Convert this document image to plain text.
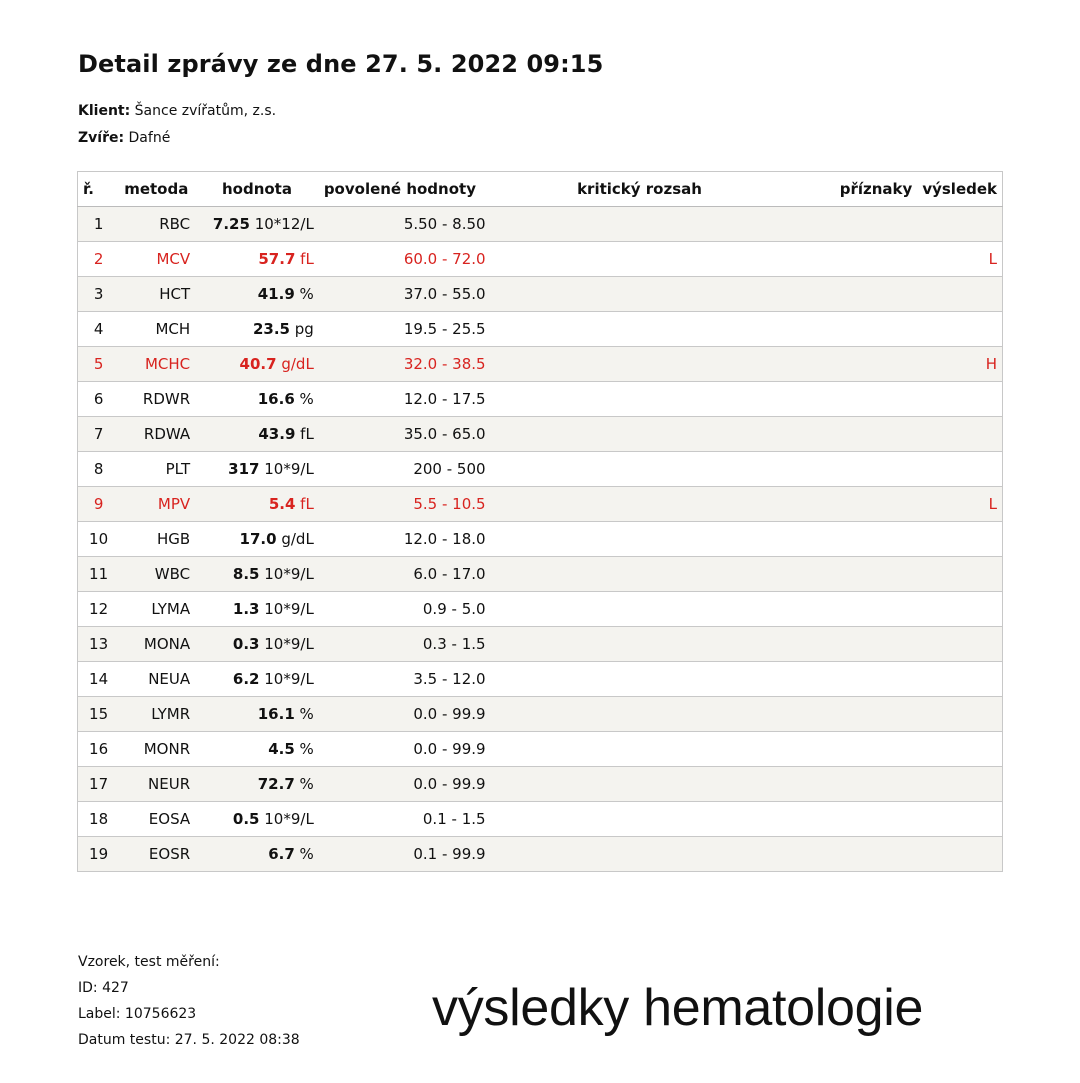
Detail zprávy ze dne 27. 5. 2022 09:15
Klient: Šance zvířatům, z.s.
Zvíře: Dafné
ř.	metoda	hodnota	povolené hodnoty	kritický rozsah	příznaky	výsledek
1	RBC	7.25 10*12/L	5.50 - 8.50			
2	MCV	57.7 fL	60.0 - 72.0			L
3	HCT	41.9 %	37.0 - 55.0			
4	MCH	23.5 pg	19.5 - 25.5			
5	MCHC	40.7 g/dL	32.0 - 38.5			H
6	RDWR	16.6 %	12.0 - 17.5			
7	RDWA	43.9 fL	35.0 - 65.0			
8	PLT	317 10*9/L	200 - 500			
9	MPV	5.4 fL	5.5 - 10.5			L
10	HGB	17.0 g/dL	12.0 - 18.0			
11	WBC	8.5 10*9/L	6.0 - 17.0			
12	LYMA	1.3 10*9/L	0.9 - 5.0			
13	MONA	0.3 10*9/L	0.3 - 1.5			
14	NEUA	6.2 10*9/L	3.5 - 12.0			
15	LYMR	16.1 %	0.0 - 99.9			
16	MONR	4.5 %	0.0 - 99.9			
17	NEUR	72.7 %	0.0 - 99.9			
18	EOSA	0.5 10*9/L	0.1 - 1.5			
19	EOSR	6.7 %	0.1 - 99.9			
Vzorek, test měření:
ID: 427
Label: 10756623
Datum testu: 27. 5. 2022 08:38
výsledky hematologie
